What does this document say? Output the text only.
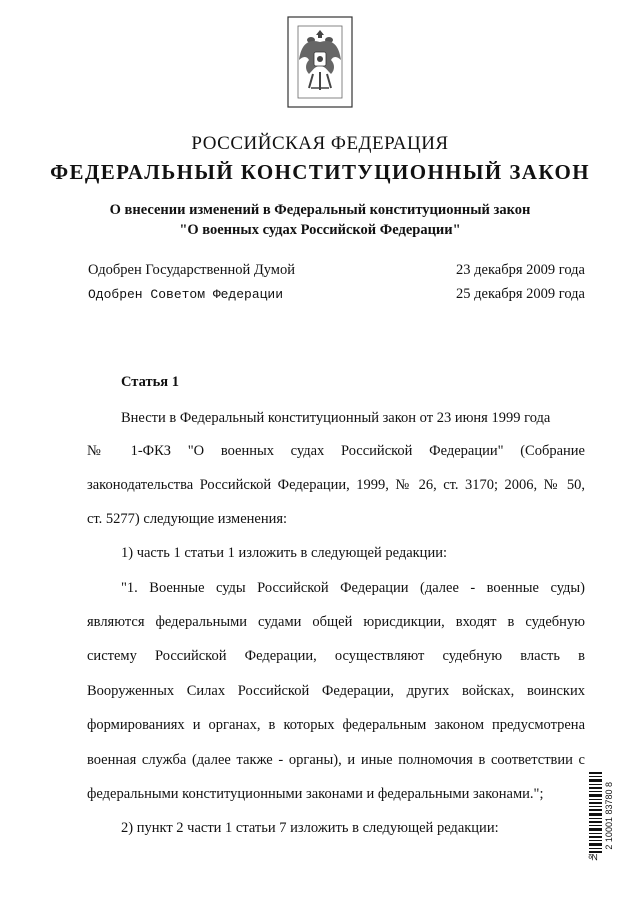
РОССИЙСКАЯ ФЕДЕРАЦИЯ
ФЕДЕРАЛЬНЫЙ КОНСТИТУЦИОННЫЙ ЗАКОН
О внесении изменений в Федеральный конституционный закон
"О военных судах Российской Федерации"
Одобрен Государственной Думой	23 декабря 2009 года
Одобрен Советом Федерации	25 декабря 2009 года
Статья 1
Внести в Федеральный конституционный закон от 23 июня 1999 года
№ 1-ФКЗ "О военных судах Российской Федерации" (Собрание
законодательства Российской Федерации, 1999, № 26, ст. 3170; 2006, № 50,
ст. 5277) следующие изменения:
1) часть 1 статьи 1 изложить в следующей редакции:
"1. Военные суды Российской Федерации (далее - военные суды)
являются федеральными судами общей юрисдикции, входят в судебную
систему Российской Федерации, осуществляют судебную власть в
Вооруженных Силах Российской Федерации, других войсках, воинских
формированиях и органах, в которых федеральным законом предусмотрена
военная служба (далее также - органы), и иные полномочия в соответствии с
федеральными конституционными законами и федеральными законами.";
2) пункт 2 части 1 статьи 7 изложить в следующей редакции:	2 10001 83780 8
№
